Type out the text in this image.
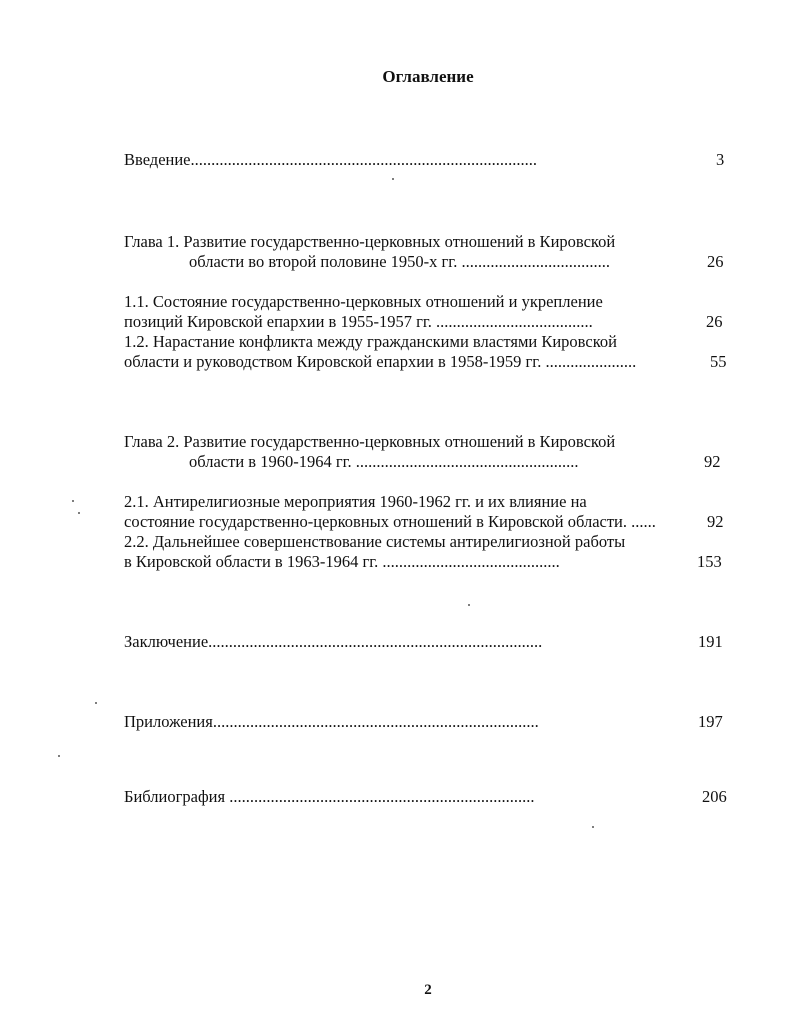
Оглавление
Введение....................................................................................	3
Глава 1. Развитие государственно-церковных отношений в Кировской
области во второй половине 1950-х гг. ....................................	26
1.1. Состояние государственно-церковных отношений и укрепление
позиций Кировской епархии в 1955-1957 гг. ......................................	26
1.2. Нарастание конфликта между гражданскими властями Кировской
области и руководством Кировской епархии в 1958-1959 гг. ......................	55
Глава 2. Развитие государственно-церковных отношений в Кировской
области в 1960-1964 гг. ......................................................	92
2.1. Антирелигиозные мероприятия 1960-1962 гг. и их влияние на
состояние государственно-церковных отношений в Кировской области. ......	92
2.2. Дальнейшее совершенствование системы антирелигиозной работы
в Кировской области в 1963-1964 гг. ...........................................	153
Заключение.................................................................................	191
Приложения...............................................................................	197
Библиография ..........................................................................	206
2
